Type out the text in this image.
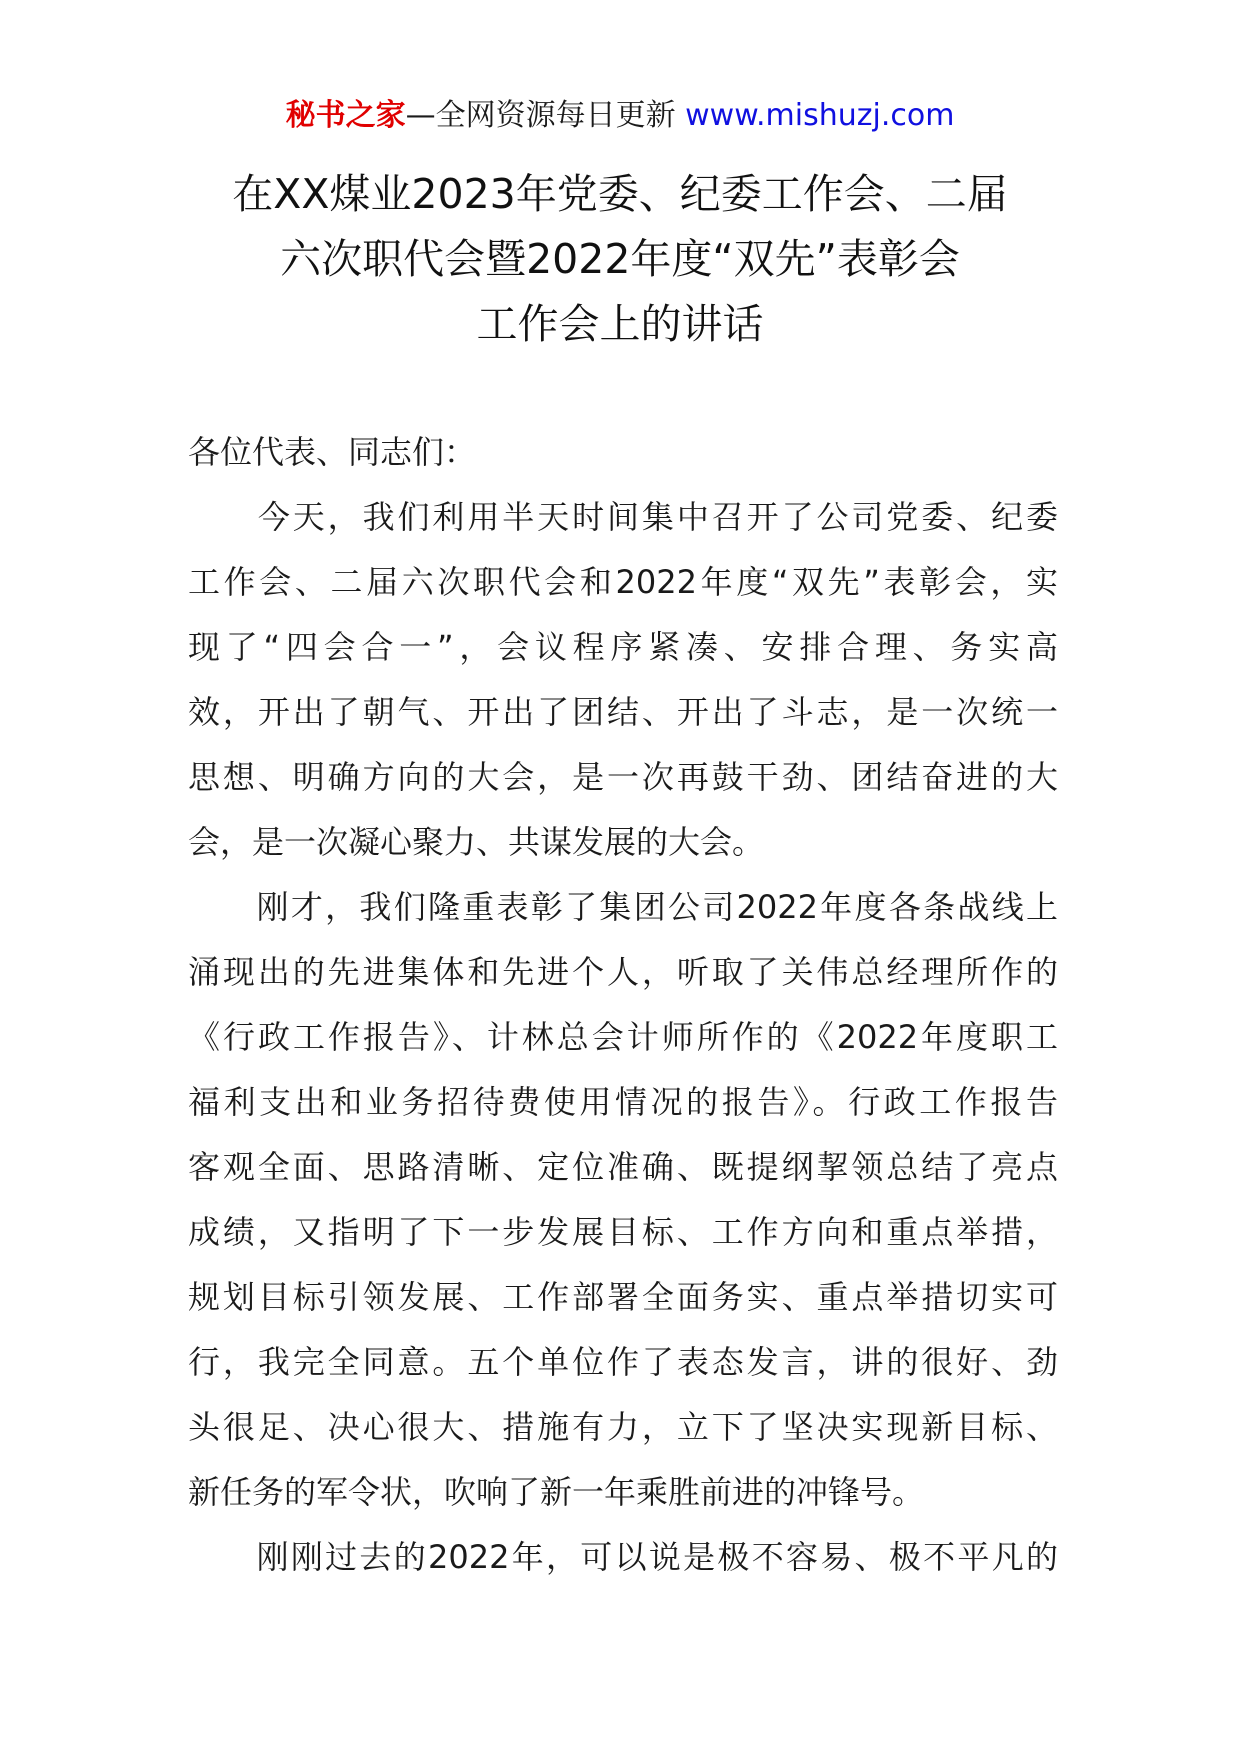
秘书之家—全网资源每日更新 www.mishuzj.com
在XX煤业2023年党委、纪委工作会、二届
六次职代会暨2022年度“双先”表彰会
工作会上的讲话

各位代表、同志们：

　　今天，我们利用半天时间集中召开了公司党委、纪委
工作会、二届六次职代会和2022年度“双先”表彰会，实
现了“四会合一”，会议程序紧凑、安排合理、务实高
效，开出了朝气、开出了团结、开出了斗志，是一次统一
思想、明确方向的大会，是一次再鼓干劲、团结奋进的大
会，是一次凝心聚力、共谋发展的大会。

　　刚才，我们隆重表彰了集团公司2022年度各条战线上
涌现出的先进集体和先进个人，听取了关伟总经理所作的
《行政工作报告》、计林总会计师所作的《2022年度职工
福利支出和业务招待费使用情况的报告》。行政工作报告
客观全面、思路清晰、定位准确、既提纲挈领总结了亮点
成绩，又指明了下一步发展目标、工作方向和重点举措，
规划目标引领发展、工作部署全面务实、重点举措切实可
行，我完全同意。五个单位作了表态发言，讲的很好、劲
头很足、决心很大、措施有力，立下了坚决实现新目标、
新任务的军令状，吹响了新一年乘胜前进的冲锋号。

　　刚刚过去的2022年，可以说是极不容易、极不平凡的
